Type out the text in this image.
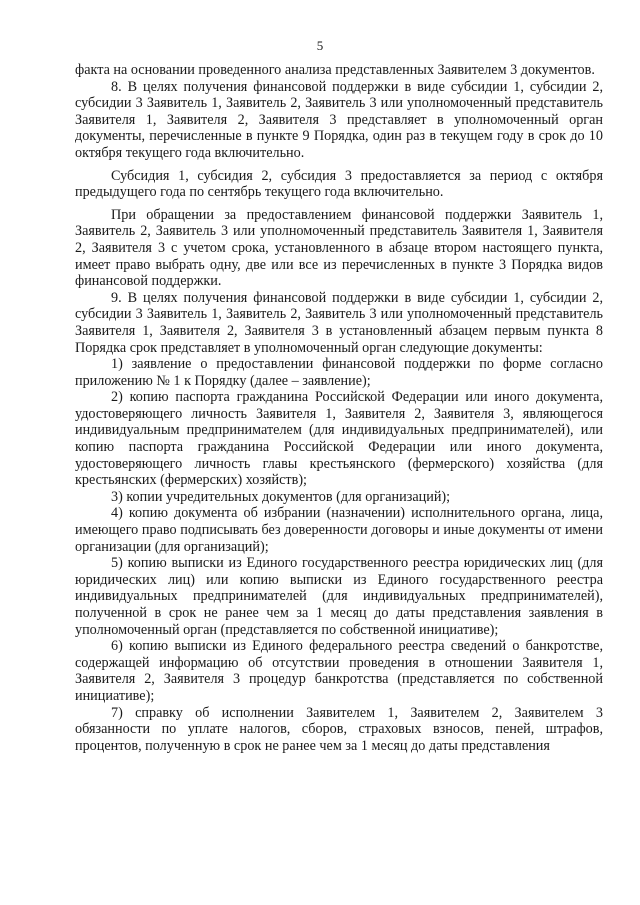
5

факта на основании проведенного анализа представленных Заявителем 3 документов.

8. В целях получения финансовой поддержки в виде субсидии 1, субсидии 2, субсидии 3 Заявитель 1, Заявитель 2, Заявитель 3 или уполномоченный представитель Заявителя 1, Заявителя 2, Заявителя 3 представляет в уполномоченный орган документы, перечисленные в пункте 9 Порядка, один раз в текущем году в срок до 10 октября текущего года включительно.

Субсидия 1, субсидия 2, субсидия 3 предоставляется за период с октября предыдущего года по сентябрь текущего года включительно.

При обращении за предоставлением финансовой поддержки Заявитель 1, Заявитель 2, Заявитель 3 или уполномоченный представитель Заявителя 1, Заявителя 2, Заявителя 3 с учетом срока, установленного в абзаце втором настоящего пункта, имеет право выбрать одну, две или все из перечисленных в пункте 3 Порядка видов финансовой поддержки.

9. В целях получения финансовой поддержки в виде субсидии 1, субсидии 2, субсидии 3 Заявитель 1, Заявитель 2, Заявитель 3 или уполномоченный представитель Заявителя 1, Заявителя 2, Заявителя 3 в установленный абзацем первым пункта 8 Порядка срок представляет в уполномоченный орган следующие документы:

1) заявление о предоставлении финансовой поддержки по форме согласно приложению № 1 к Порядку (далее – заявление);

2) копию паспорта гражданина Российской Федерации или иного документа, удостоверяющего личность Заявителя 1, Заявителя 2, Заявителя 3, являющегося индивидуальным предпринимателем (для индивидуальных предпринимателей), или копию паспорта гражданина Российской Федерации или иного документа, удостоверяющего личность главы крестьянского (фермерского) хозяйства (для крестьянских (фермерских) хозяйств);

3) копии учредительных документов (для организаций);

4) копию документа об избрании (назначении) исполнительного органа, лица, имеющего право подписывать без доверенности договоры и иные документы от имени организации (для организаций);

5) копию выписки из Единого государственного реестра юридических лиц (для юридических лиц) или копию выписки из Единого государственного реестра индивидуальных предпринимателей (для индивидуальных предпринимателей), полученной в срок не ранее чем за 1 месяц до даты представления заявления в уполномоченный орган (представляется по собственной инициативе);

6) копию выписки из Единого федерального реестра сведений о банкротстве, содержащей информацию об отсутствии проведения в отношении Заявителя 1, Заявителя 2, Заявителя 3 процедур банкротства (представляется по собственной инициативе);

7) справку об исполнении Заявителем 1, Заявителем 2, Заявителем 3 обязанности по уплате налогов, сборов, страховых взносов, пеней, штрафов, процентов, полученную в срок не ранее чем за 1 месяц до даты представления
